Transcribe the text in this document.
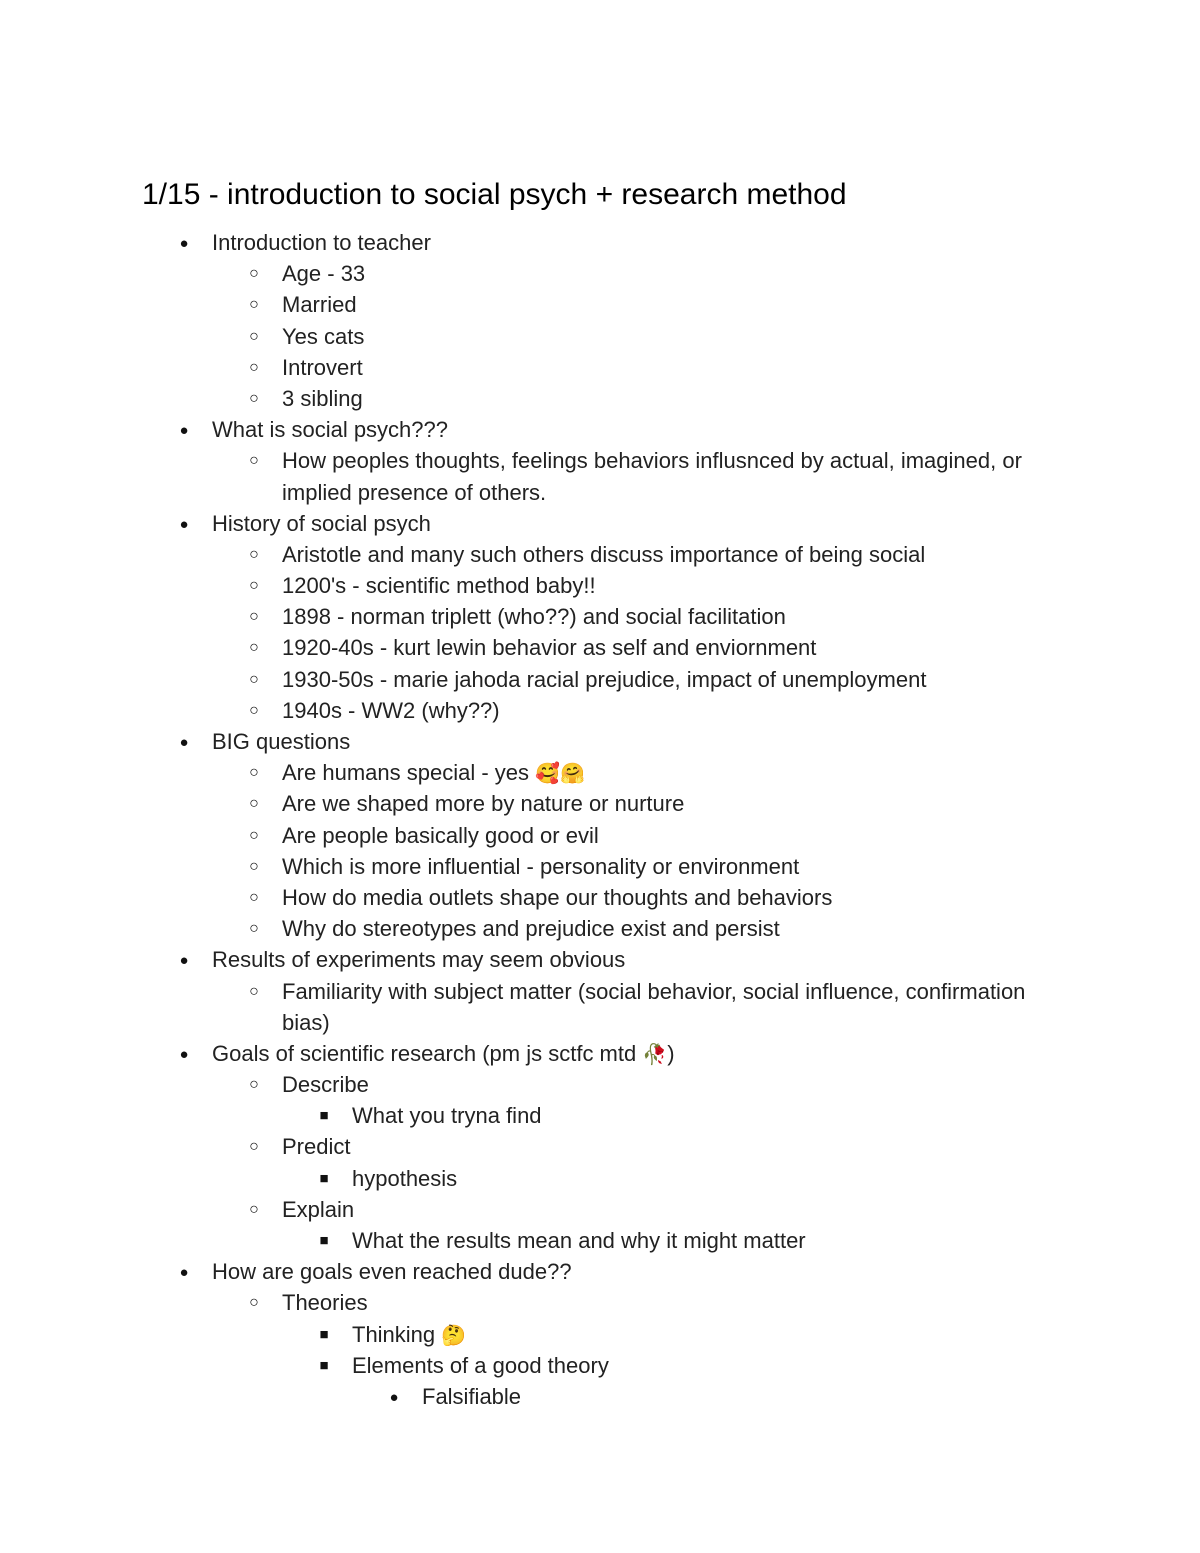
1/15 - introduction to social psych + research method
● Introduction to teacher
○ Age - 33
○ Married
○ Yes cats
○ Introvert
○ 3 sibling
● What is social psych???
○ How peoples thoughts, feelings behaviors influsnced by actual, imagined, or implied presence of others.
● History of social psych
○ Aristotle and many such others discuss importance of being social
○ 1200's - scientific method baby!!
○ 1898 - norman triplett (who??) and social facilitation
○ 1920-40s - kurt lewin behavior as self and enviornment
○ 1930-50s - marie jahoda racial prejudice, impact of unemployment
○ 1940s - WW2 (why??)
● BIG questions
○ Are humans special - yes 🥰🤗
○ Are we shaped more by nature or nurture
○ Are people basically good or evil
○ Which is more influential - personality or environment
○ How do media outlets shape our thoughts and behaviors
○ Why do stereotypes and prejudice exist and persist
● Results of experiments may seem obvious
○ Familiarity with subject matter (social behavior, social influence, confirmation bias)
● Goals of scientific research (pm js sctfc mtd 🥀)
○ Describe
■ What you tryna find
○ Predict
■ hypothesis
○ Explain
■ What the results mean and why it might matter
● How are goals even reached dude??
○ Theories
■ Thinking 🤔
■ Elements of a good theory
● Falsifiable
